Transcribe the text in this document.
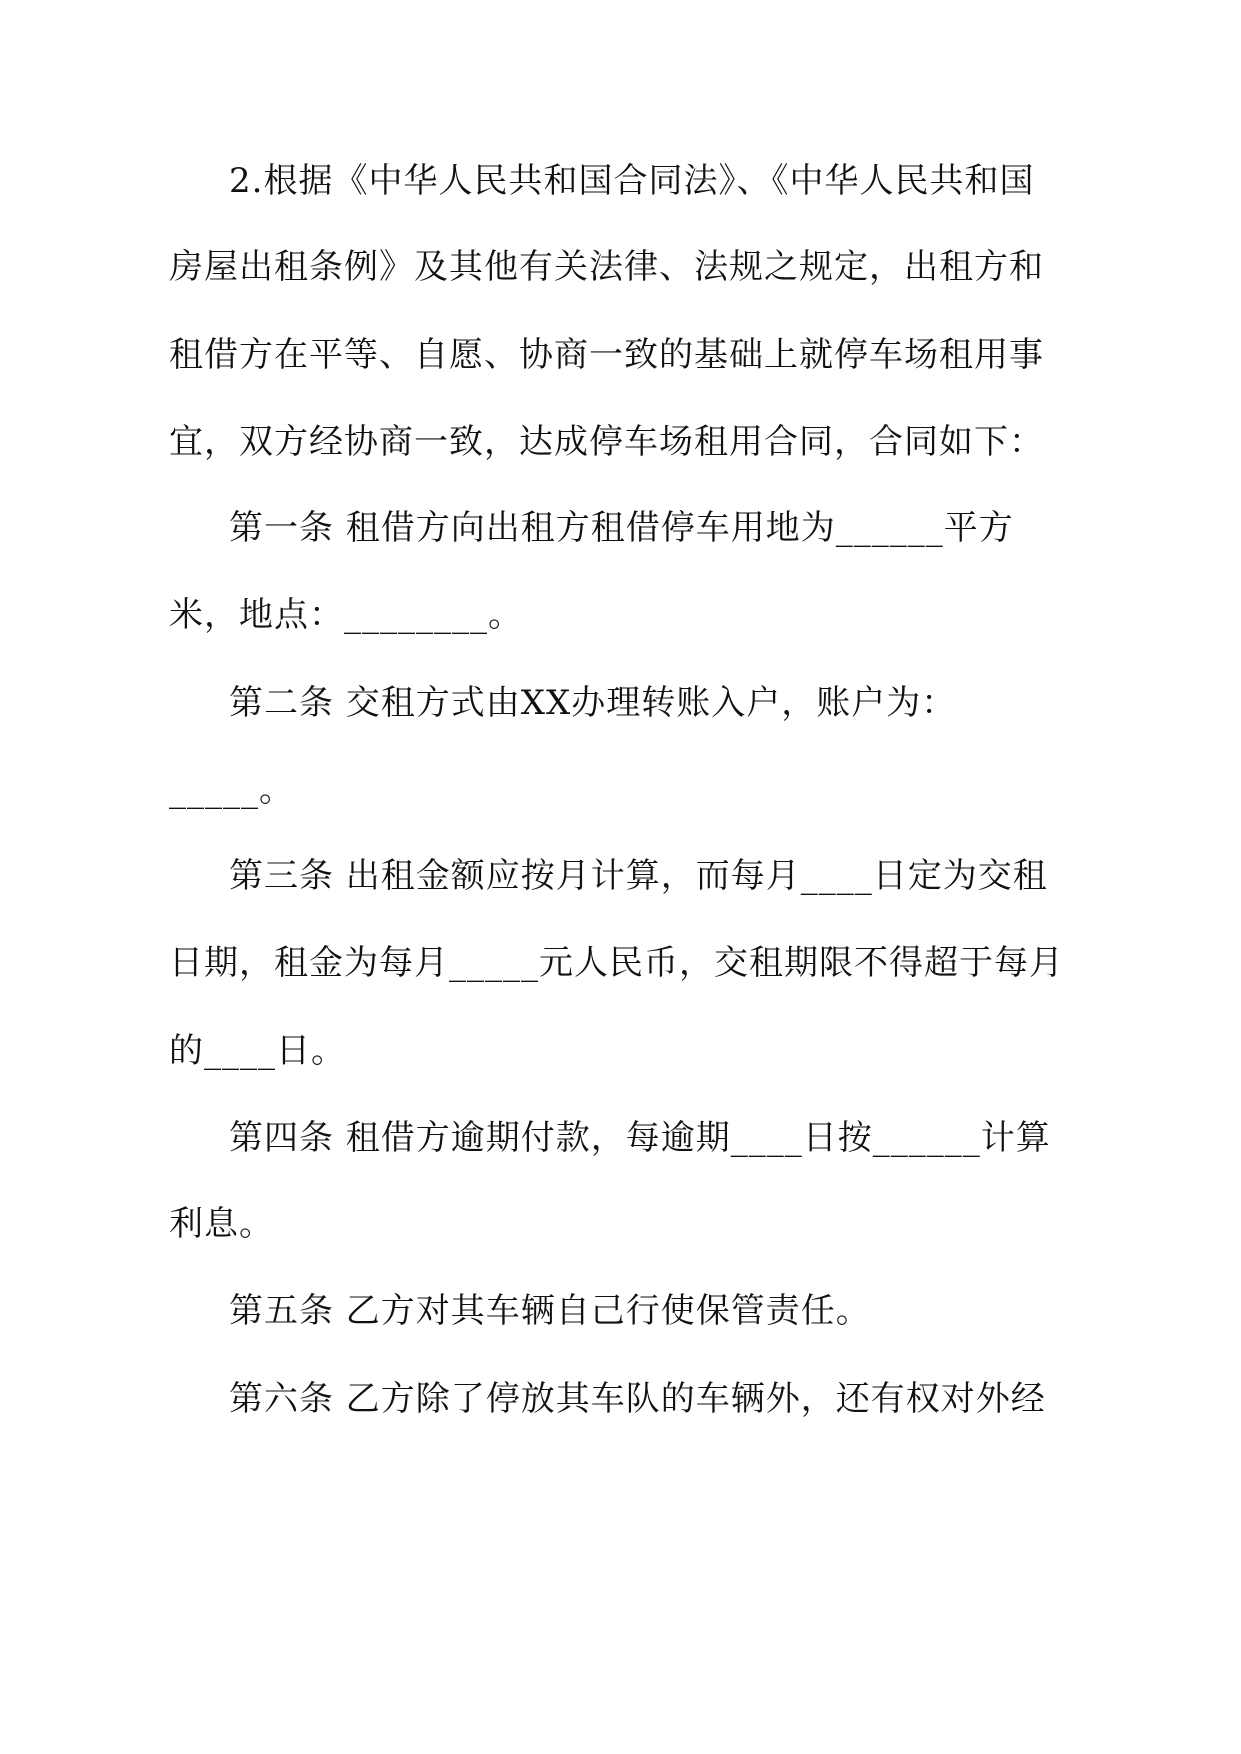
2.根据《中华人民共和国合同法》、《中华人民共和国
房屋出租条例》及其他有关法律、法规之规定，出租方和
租借方在平等、自愿、协商一致的基础上就停车场租用事
宜，双方经协商一致，达成停车场租用合同，合同如下：
第一条 租借方向出租方租借停车用地为______平方
米，地点：________。
第二条 交租方式由XX办理转账入户，账户为：
_____。
第三条 出租金额应按月计算，而每月____日定为交租
日期，租金为每月_____元人民币，交租期限不得超于每月
的____日。
第四条 租借方逾期付款，每逾期____日按______计算
利息。
第五条 乙方对其车辆自己行使保管责任。
第六条 乙方除了停放其车队的车辆外，还有权对外经
